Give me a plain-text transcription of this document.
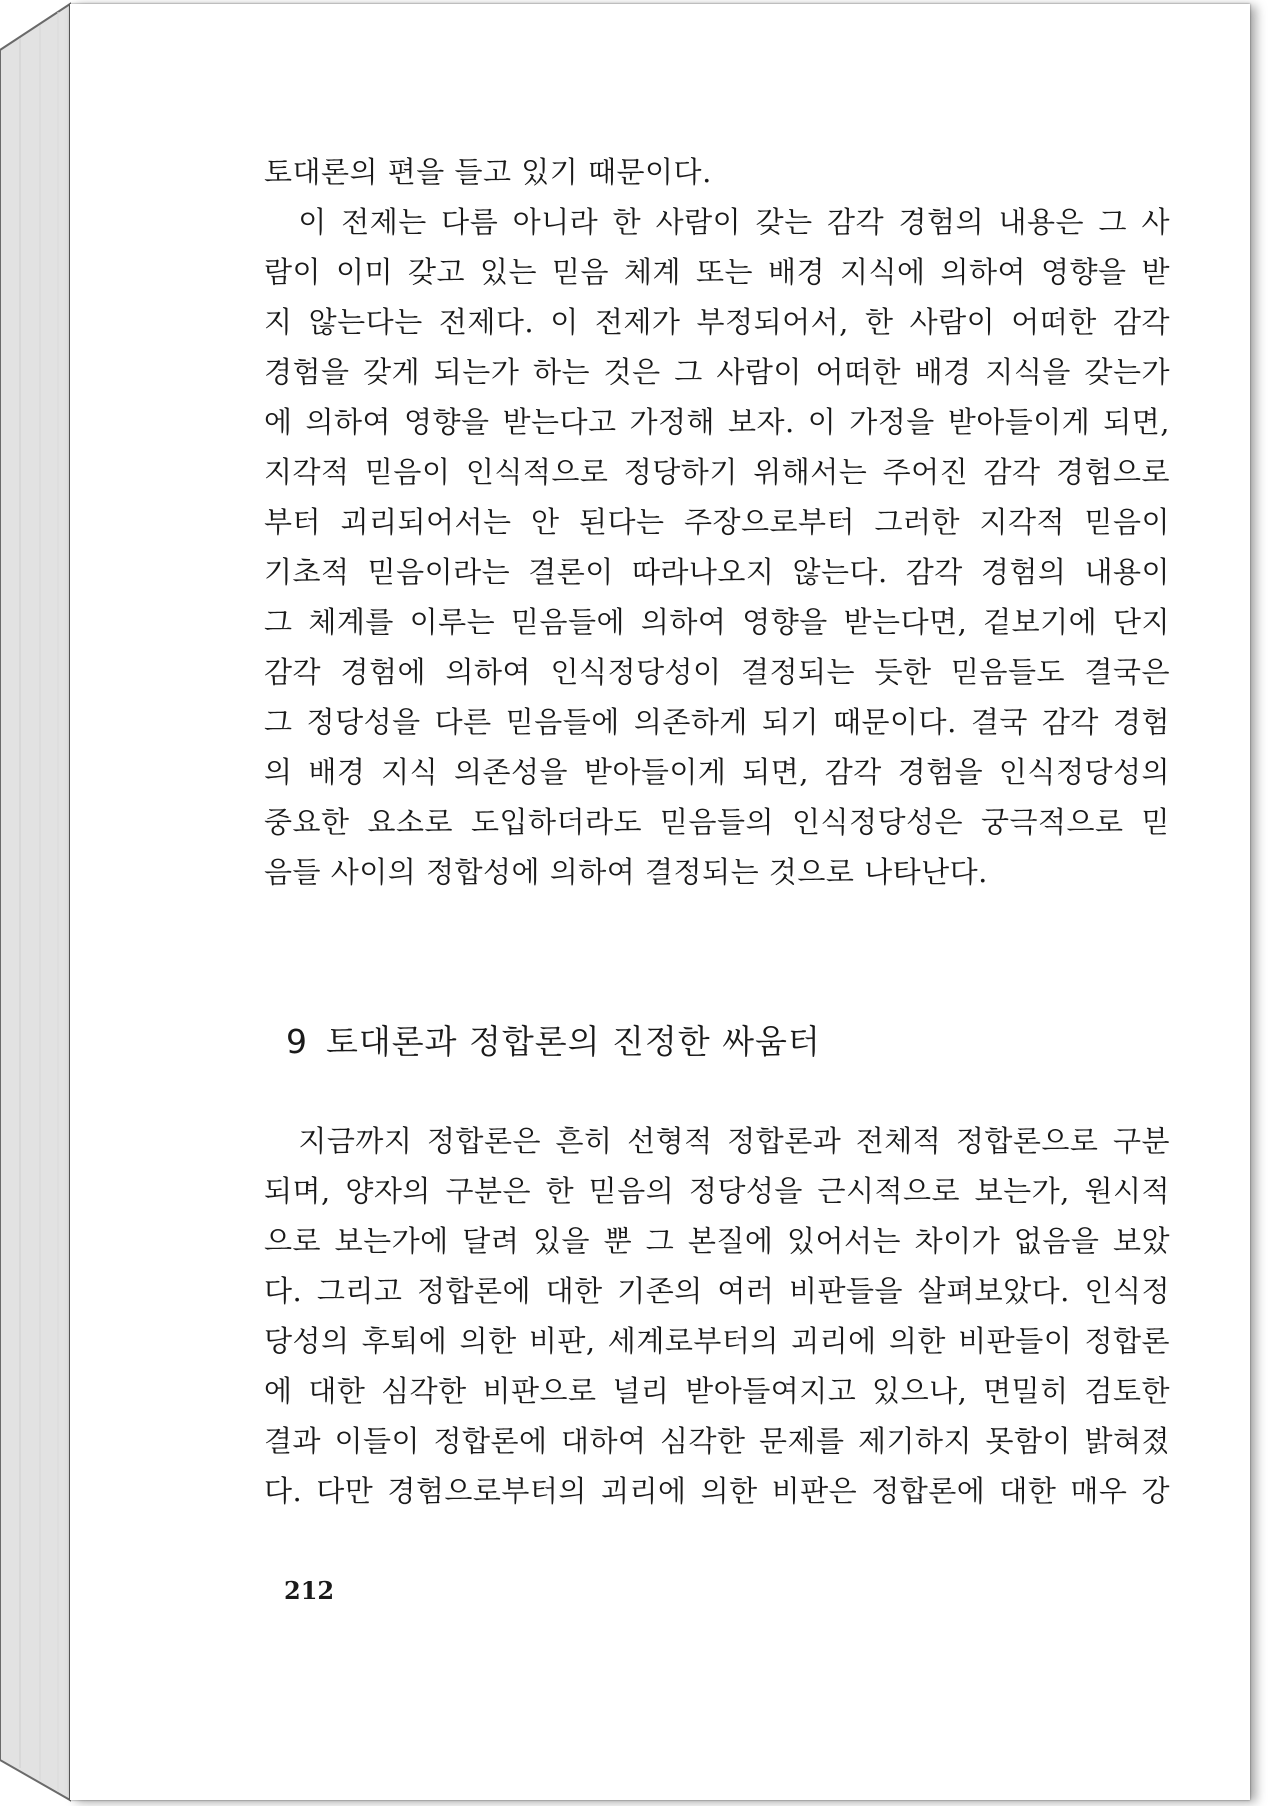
토대론의 편을 들고 있기 때문이다.
　이 전제는 다름 아니라 한 사람이 갖는 감각 경험의 내용은 그 사
람이 이미 갖고 있는 믿음 체계 또는 배경 지식에 의하여 영향을 받
지 않는다는 전제다. 이 전제가 부정되어서, 한 사람이 어떠한 감각
경험을 갖게 되는가 하는 것은 그 사람이 어떠한 배경 지식을 갖는가
에 의하여 영향을 받는다고 가정해 보자. 이 가정을 받아들이게 되면,
지각적 믿음이 인식적으로 정당하기 위해서는 주어진 감각 경험으로
부터 괴리되어서는 안 된다는 주장으로부터 그러한 지각적 믿음이
기초적 믿음이라는 결론이 따라나오지 않는다. 감각 경험의 내용이
그 체계를 이루는 믿음들에 의하여 영향을 받는다면, 겉보기에 단지
감각 경험에 의하여 인식정당성이 결정되는 듯한 믿음들도 결국은
그 정당성을 다른 믿음들에 의존하게 되기 때문이다. 결국 감각 경험
의 배경 지식 의존성을 받아들이게 되면, 감각 경험을 인식정당성의
중요한 요소로 도입하더라도 믿음들의 인식정당성은 궁극적으로 믿
음들 사이의 정합성에 의하여 결정되는 것으로 나타난다.

9 토대론과 정합론의 진정한 싸움터

　지금까지 정합론은 흔히 선형적 정합론과 전체적 정합론으로 구분
되며, 양자의 구분은 한 믿음의 정당성을 근시적으로 보는가, 원시적
으로 보는가에 달려 있을 뿐 그 본질에 있어서는 차이가 없음을 보았
다. 그리고 정합론에 대한 기존의 여러 비판들을 살펴보았다. 인식정
당성의 후퇴에 의한 비판, 세계로부터의 괴리에 의한 비판들이 정합론
에 대한 심각한 비판으로 널리 받아들여지고 있으나, 면밀히 검토한
결과 이들이 정합론에 대하여 심각한 문제를 제기하지 못함이 밝혀졌
다. 다만 경험으로부터의 괴리에 의한 비판은 정합론에 대한 매우 강

212
